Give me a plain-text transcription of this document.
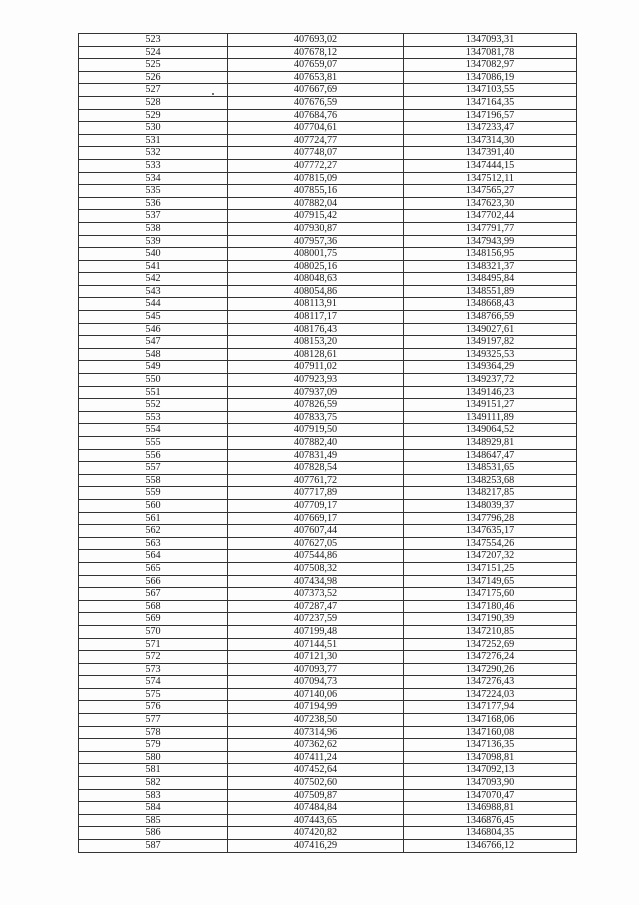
523	407693,02	1347093,31
524	407678,12	1347081,78
525	407659,07	1347082,97
526	407653,81	1347086,19
527	407667,69	1347103,55
528	407676,59	1347164,35
529	407684,76	1347196,57
530	407704,61	1347233,47
531	407724,77	1347314,30
532	407748,07	1347391,40
533	407772,27	1347444,15
534	407815,09	1347512,11
535	407855,16	1347565,27
536	407882,04	1347623,30
537	407915,42	1347702,44
538	407930,87	1347791,77
539	407957,36	1347943,99
540	408001,75	1348156,95
541	408025,16	1348321,37
542	408048,63	1348495,84
543	408054,86	1348551,89
544	408113,91	1348668,43
545	408117,17	1348766,59
546	408176,43	1349027,61
547	408153,20	1349197,82
548	408128,61	1349325,53
549	407911,02	1349364,29
550	407923,93	1349237,72
551	407937,09	1349146,23
552	407826,59	1349151,27
553	407833,75	1349111,89
554	407919,50	1349064,52
555	407882,40	1348929,81
556	407831,49	1348647,47
557	407828,54	1348531,65
558	407761,72	1348253,68
559	407717,89	1348217,85
560	407709,17	1348039,37
561	407669,17	1347796,28
562	407607,44	1347635,17
563	407627,05	1347554,26
564	407544,86	1347207,32
565	407508,32	1347151,25
566	407434,98	1347149,65
567	407373,52	1347175,60
568	407287,47	1347180,46
569	407237,59	1347190,39
570	407199,48	1347210,85
571	407144,51	1347252,69
572	407121,30	1347276,24
573	407093,77	1347290,26
574	407094,73	1347276,43
575	407140,06	1347224,03
576	407194,99	1347177,94
577	407238,50	1347168,06
578	407314,96	1347160,08
579	407362,62	1347136,35
580	407411,24	1347098,81
581	407452,64	1347092,13
582	407502,60	1347093,90
583	407509,87	1347070,47
584	407484,84	1346988,81
585	407443,65	1346876,45
586	407420,82	1346804,35
587	407416,29	1346766,12
